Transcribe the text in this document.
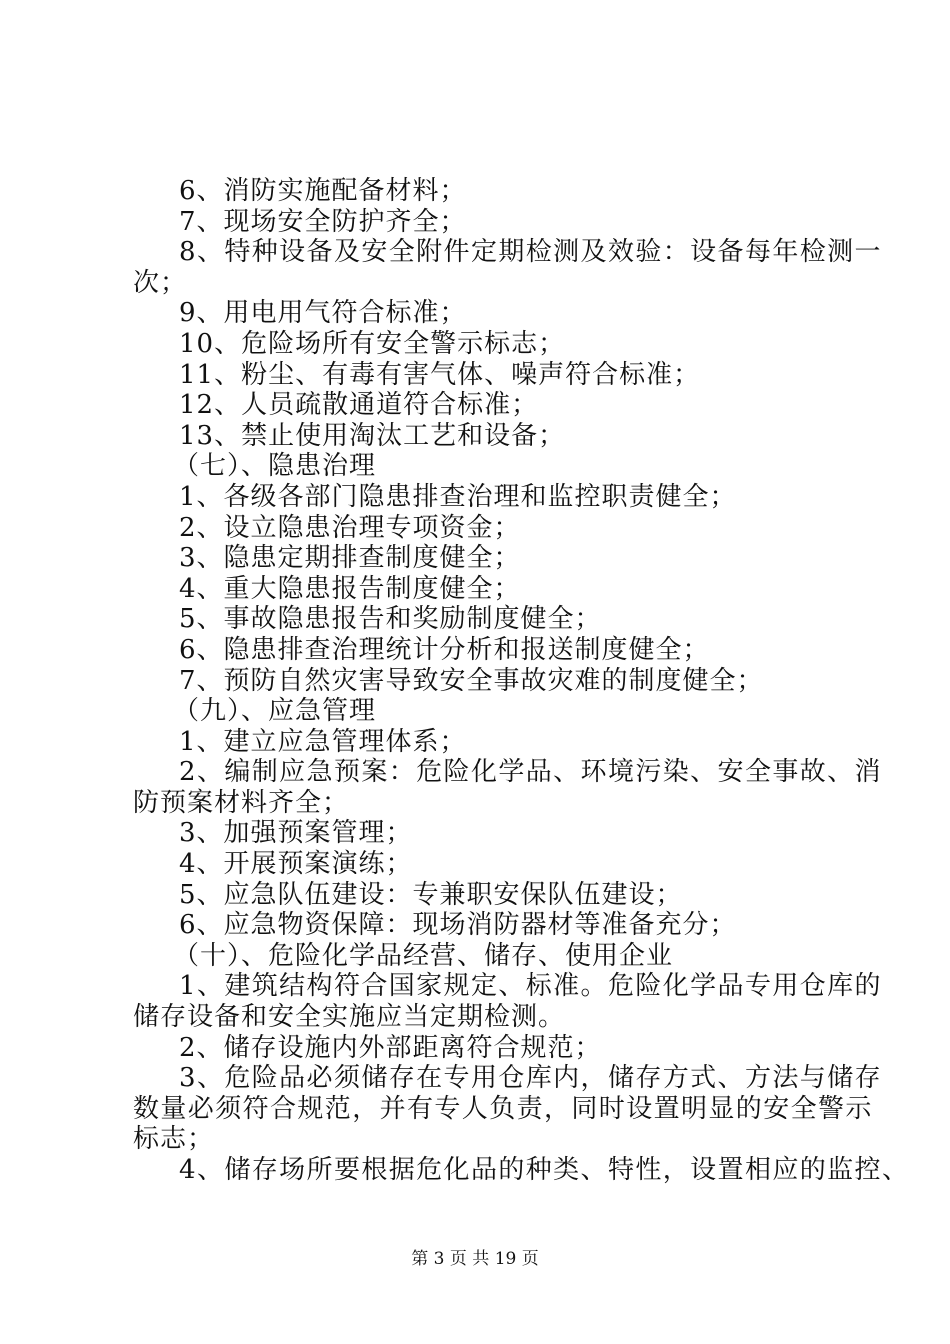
6、消防实施配备材料；
7、现场安全防护齐全；
8、特种设备及安全附件定期检测及效验：设备每年检测一
次；
9、用电用气符合标准；
10、危险场所有安全警示标志；
11、粉尘、有毒有害气体、噪声符合标准；
12、人员疏散通道符合标准；
13、禁止使用淘汰工艺和设备；
（七）、隐患治理
1、各级各部门隐患排查治理和监控职责健全；
2、设立隐患治理专项资金；
3、隐患定期排查制度健全；
4、重大隐患报告制度健全；
5、事故隐患报告和奖励制度健全；
6、隐患排查治理统计分析和报送制度健全；
7、预防自然灾害导致安全事故灾难的制度健全；
（九）、应急管理
1、建立应急管理体系；
2、编制应急预案：危险化学品、环境污染、安全事故、消
防预案材料齐全；
3、加强预案管理；
4、开展预案演练；
5、应急队伍建设：专兼职安保队伍建设；
6、应急物资保障：现场消防器材等准备充分；
（十）、危险化学品经营、储存、使用企业
1、建筑结构符合国家规定、标准。危险化学品专用仓库的
储存设备和安全实施应当定期检测。
2、储存设施内外部距离符合规范；
3、危险品必须储存在专用仓库内，储存方式、方法与储存
数量必须符合规范，并有专人负责，同时设置明显的安全警示
标志；
4、储存场所要根据危化品的种类、特性，设置相应的监控、
第 3 页 共 19 页
